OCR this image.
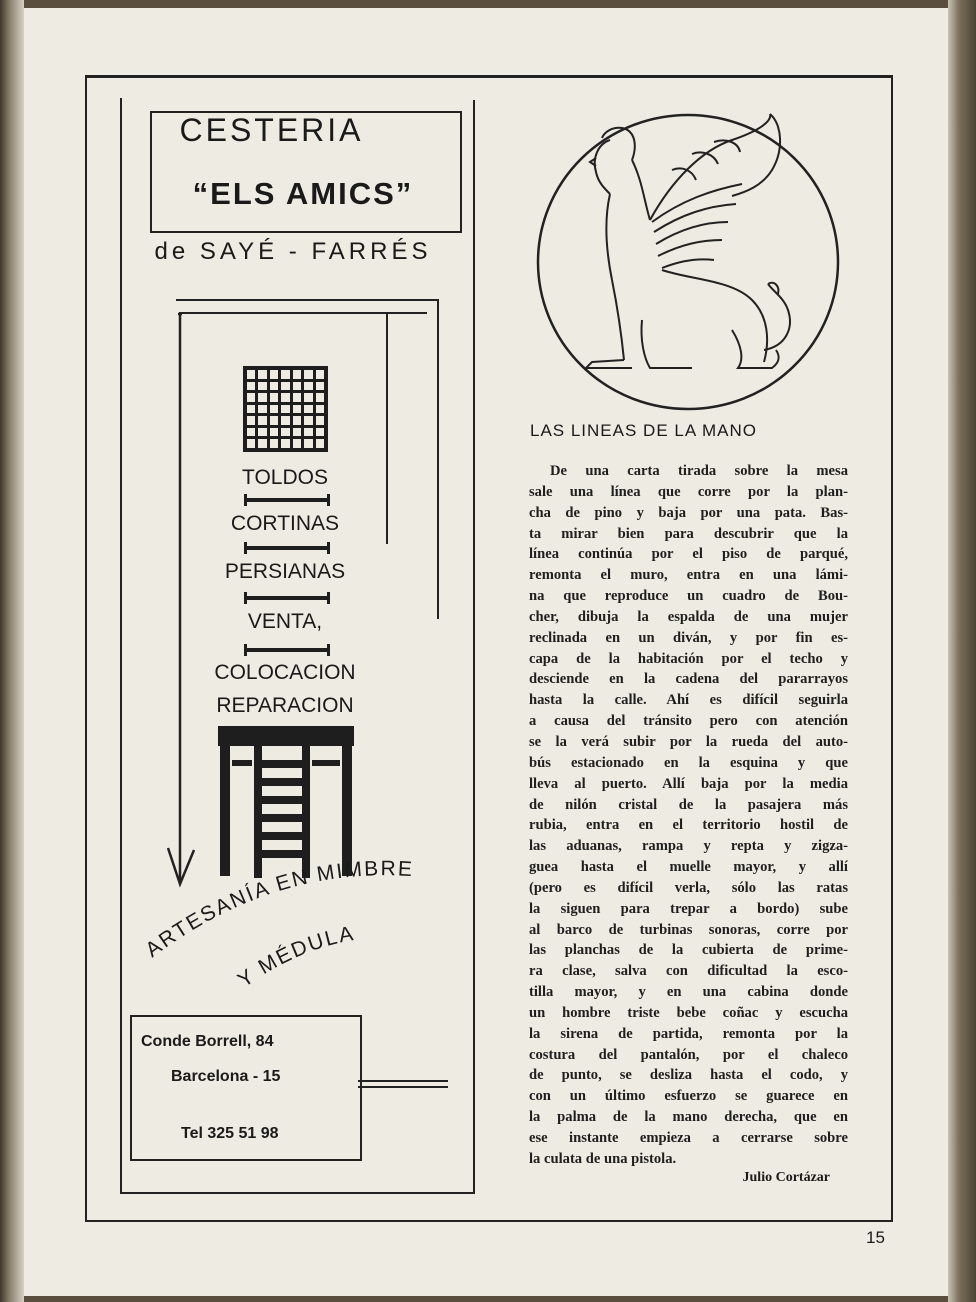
CESTERIA
“ELS AMICS”
de SAYÉ - FARRÉS
TOLDOS
CORTINAS
PERSIANAS
VENTA,
COLOCACION
REPARACION
ARTESANÍA EN MIMBRE
Y MÉDULA
Conde Borrell, 84
Barcelona - 15
Tel 325 51 98
LAS LINEAS DE LA MANO
De una carta tirada sobre la mesa
sale una línea que corre por la plan-
cha de pino y baja por una pata. Bas-
ta mirar bien para descubrir que la
línea continúa por el piso de parqué,
remonta el muro, entra en una lámi-
na que reproduce un cuadro de Bou-
cher, dibuja la espalda de una mujer
reclinada en un diván, y por fin es-
capa de la habitación por el techo y
desciende en la cadena del pararrayos
hasta la calle. Ahí es difícil seguirla
a causa del tránsito pero con atención
se la verá subir por la rueda del auto-
bús estacionado en la esquina y que
lleva al puerto. Allí baja por la media
de nilón cristal de la pasajera más
rubia, entra en el territorio hostil de
las aduanas, rampa y repta y zigza-
guea hasta el muelle mayor, y allí
(pero es difícil verla, sólo las ratas
la siguen para trepar a bordo) sube
al barco de turbinas sonoras, corre por
las planchas de la cubierta de prime-
ra clase, salva con dificultad la esco-
tilla mayor, y en una cabina donde
un hombre triste bebe coñac y escucha
la sirena de partida, remonta por la
costura del pantalón, por el chaleco
de punto, se desliza hasta el codo, y
con un último esfuerzo se guarece en
la palma de la mano derecha, que en
ese instante empieza a cerrarse sobre
la culata de una pistola.
Julio Cortázar
15
